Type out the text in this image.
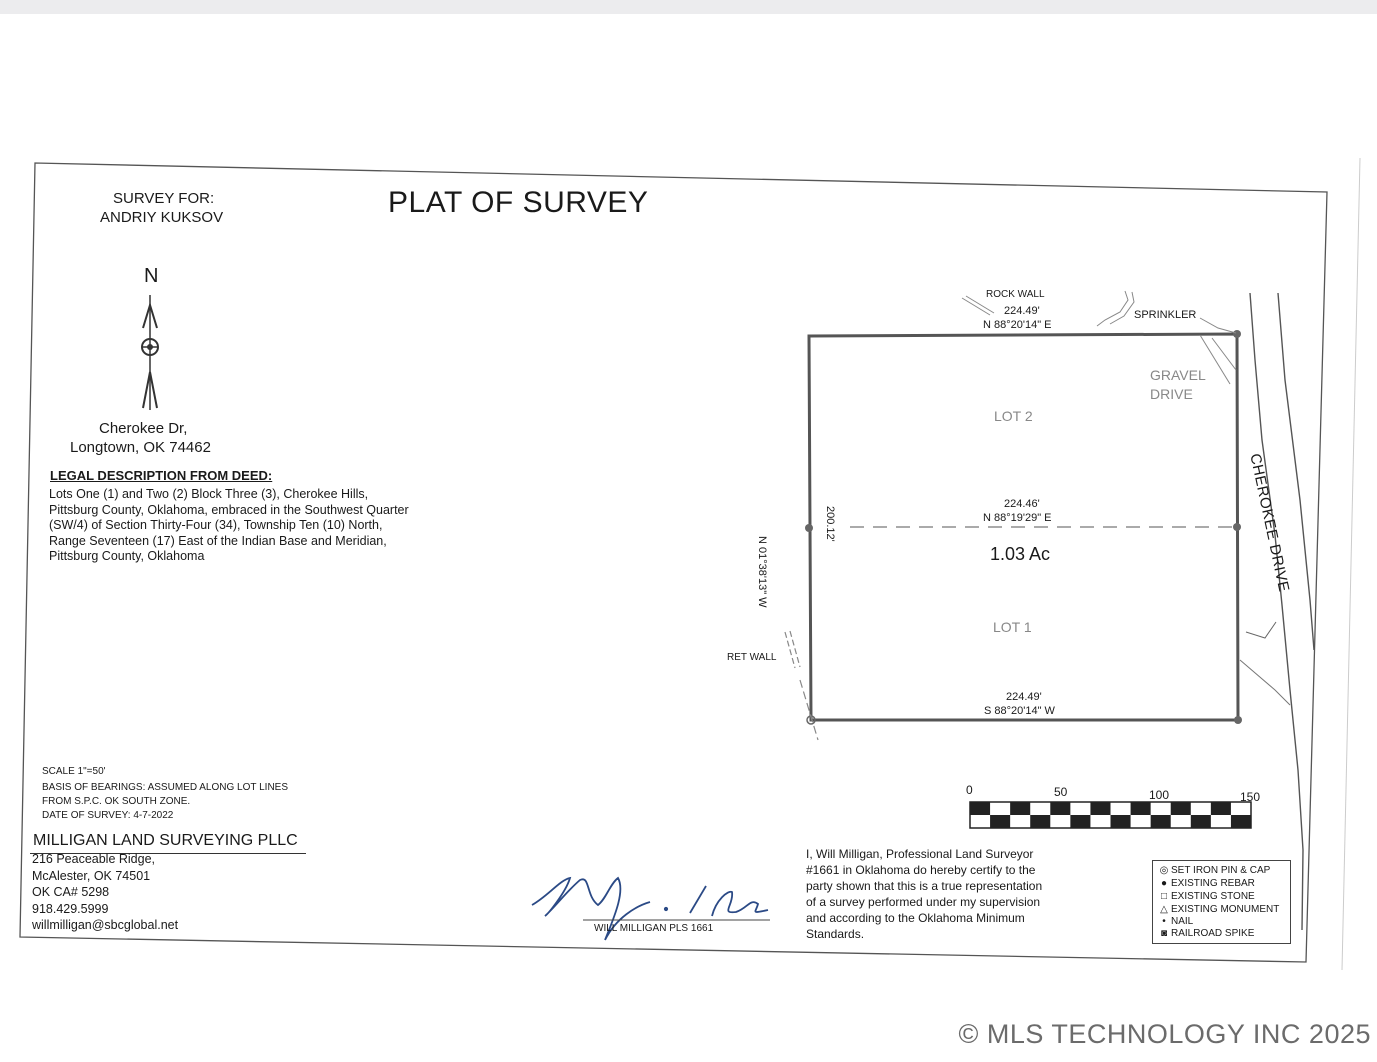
SURVEY FOR:
ANDRIY KUKSOV	PLAT OF SURVEY
N
Cherokee Dr,
Longtown, OK 74462
LEGAL DESCRIPTION FROM DEED:
Lots One (1) and Two (2) Block Three (3), Cherokee Hills,
Pittsburg County, Oklahoma, embraced in the Southwest Quarter
(SW/4) of Section Thirty-Four (34), Township Ten (10) North,
Range Seventeen (17) East of the Indian Base and Meridian,
Pittsburg County, Oklahoma
ROCK WALL
SPRINKLER
224.49'
N 88°20'14" E
GRAVEL
DRIVE
LOT 2
224.46'
N 88°19'29" E
1.03 Ac
LOT 1
224.49'
S 88°20'14" W
RET WALL
N 01°38'13" W
200.12'	CHEROKEE DRIVE
0	50	100	150
SCALE 1"=50'
BASIS OF BEARINGS: ASSUMED ALONG LOT LINES
FROM S.P.C. OK SOUTH ZONE.
DATE OF SURVEY: 4-7-2022
MILLIGAN LAND SURVEYING PLLC
216 Peaceable Ridge,
McAlester, OK 74501
OK CA# 5298
918.429.5999
willmilligan@sbcglobal.net	WILL MILLIGAN PLS 1661
I, Will Milligan, Professional Land Surveyor
#1661 in Oklahoma do hereby certify to the
party shown that this is a true representation
of a survey performed under my supervision
and according to the Oklahoma Minimum
Standards.
◎ SET IRON PIN & CAP
● EXISTING REBAR
□ EXISTING STONE
△ EXISTING MONUMENT
• NAIL
◙ RAILROAD SPIKE
© MLS TECHNOLOGY INC 2025
